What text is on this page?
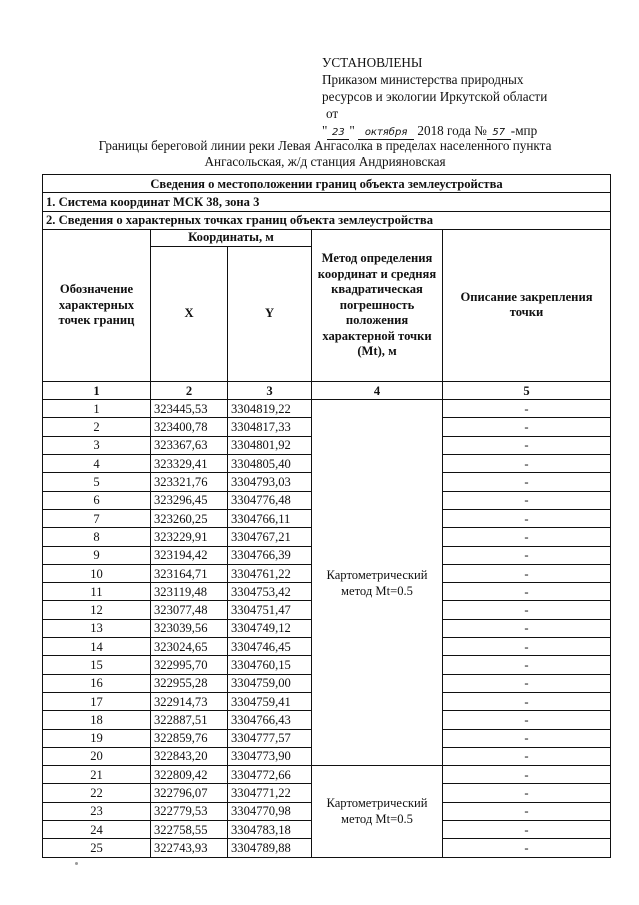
УСТАНОВЛЕНЫ
Приказом министерства природных
ресурсов и экологии Иркутской области
от
" 23 " октября 2018 года № 57 -мпр
Границы береговой линии реки Левая Ангасолка в пределах населенного пункта
Ангасольская, ж/д станция Андрияновская
Сведения о местоположении границ объекта землеустройства				
1. Система координат МСК 38, зона 3				
2. Сведения о характерных точках границ объекта землеустройства				
Обозначение характерных точек границ	Координаты, м		Метод определения координат и средняя квадратическая погрешность положения характерной точки (Mt), м	Описание закрепления точки
	X	Y		
1	2	3	4	5
1	323445,53	3304819,22	Картометрический метод Mt=0.5	-
2	323400,78	3304817,33		-
3	323367,63	3304801,92		-
4	323329,41	3304805,40		-
5	323321,76	3304793,03		-
6	323296,45	3304776,48		-
7	323260,25	3304766,11		-
8	323229,91	3304767,21		-
9	323194,42	3304766,39		-
10	323164,71	3304761,22		-
11	323119,48	3304753,42		-
12	323077,48	3304751,47		-
13	323039,56	3304749,12		-
14	323024,65	3304746,45		-
15	322995,70	3304760,15		-
16	322955,28	3304759,00		-
17	322914,73	3304759,41		-
18	322887,51	3304766,43		-
19	322859,76	3304777,57		-
20	322843,20	3304773,90		-
21	322809,42	3304772,66	Картометрический метод Mt=0.5	-
22	322796,07	3304771,22		-
23	322779,53	3304770,98		-
24	322758,55	3304783,18		-
25	322743,93	3304789,88		-
